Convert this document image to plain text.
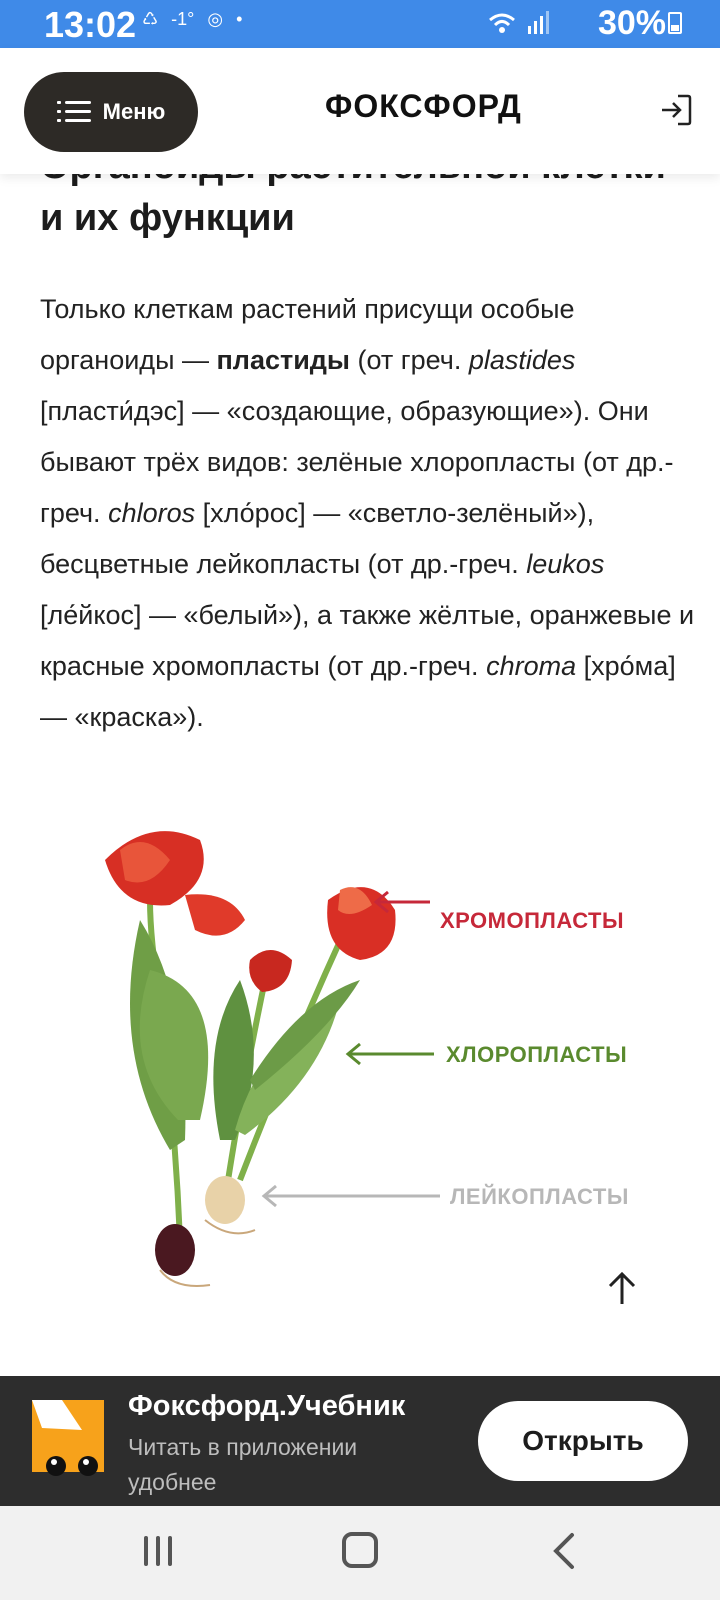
13:02 ♺ -1° ◎ •	30%
и их функции
Меню	ФОКСФОРД

Только клеткам растений присущи особые органоиды — пластиды (от греч. plastides [пласти́дэс] — «создающие, образующие»). Они бывают трёх видов: зелёные хлоропласты (от др.-греч. chloros [хло́рос] — «светло-зелёный»), бесцветные лейкопласты (от др.-греч. leukos [ле́йкос] — «белый»), а также жёлтые, оранжевые и красные хромопласты (от др.-греч. chroma [хро́ма] — «краска»).

ХРОМОПЛАСТЫ
ХЛОРОПЛАСТЫ
ЛЕЙКОПЛАСТЫ
Фоксфорд.Учебник
Читать в приложении удобнее
Открыть
